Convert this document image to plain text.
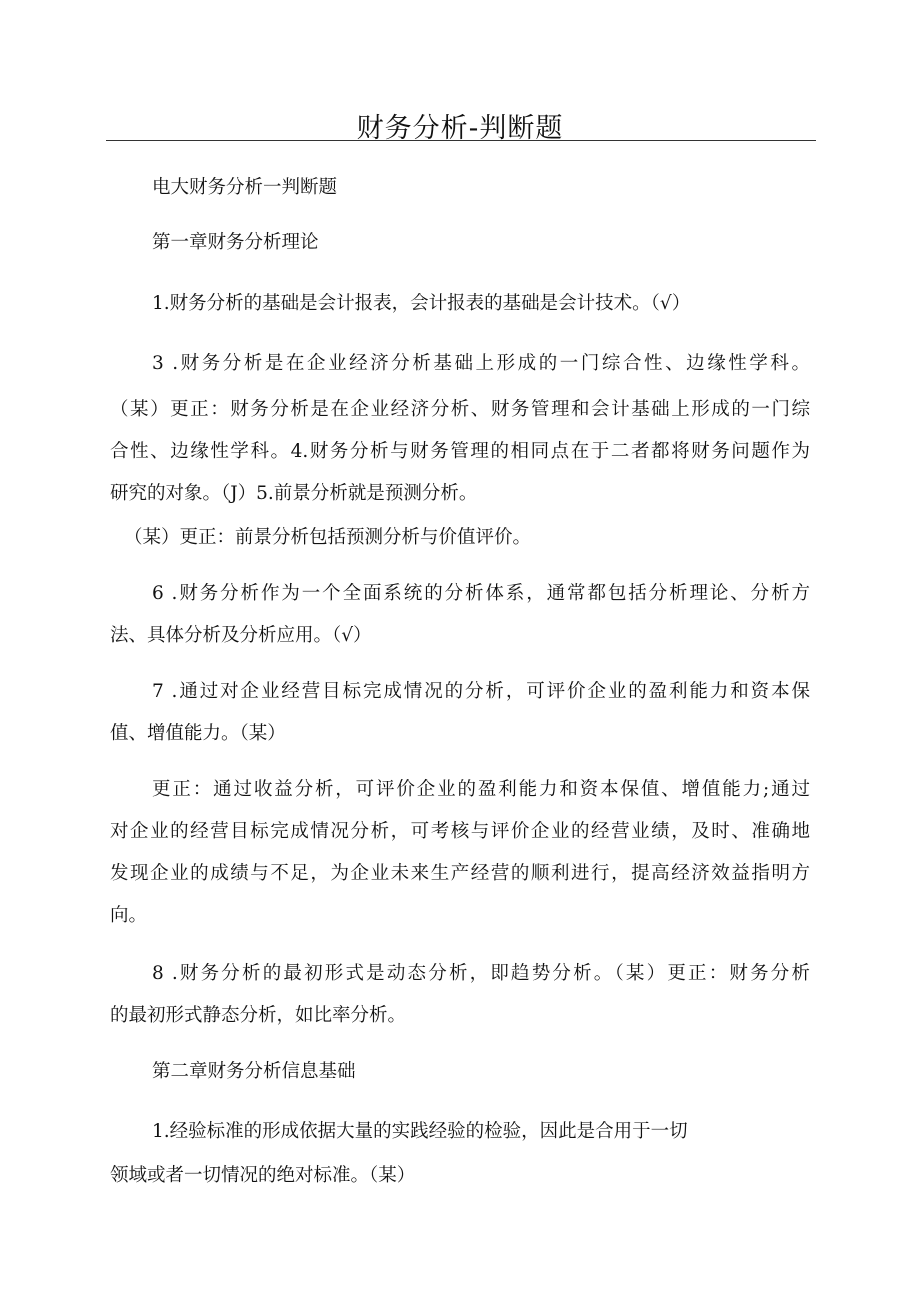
财务分析-判断题

电大财务分析一判断题

第一章财务分析理论

1.财务分析的基础是会计报表，会计报表的基础是会计技术。（√）

3 .财务分析是在企业经济分析基础上形成的一门综合性、边缘性学科。

（某）更正：财务分析是在企业经济分析、财务管理和会计基础上形成的一门综

合性、边缘性学科。4.财务分析与财务管理的相同点在于二者都将财务问题作为

研究的对象。（J）5.前景分析就是预测分析。

（某）更正：前景分析包括预测分析与价值评价。

6 .财务分析作为一个全面系统的分析体系，通常都包括分析理论、分析方

法、具体分析及分析应用。（√）

7 .通过对企业经营目标完成情况的分析，可评价企业的盈利能力和资本保

值、增值能力。（某）

更正：通过收益分析，可评价企业的盈利能力和资本保值、增值能力;通过

对企业的经营目标完成情况分析，可考核与评价企业的经营业绩，及时、准确地

发现企业的成绩与不足，为企业未来生产经营的顺利进行，提高经济效益指明方

向。

8 .财务分析的最初形式是动态分析，即趋势分析。（某）更正：财务分析

的最初形式静态分析，如比率分析。

第二章财务分析信息基础

1.经验标准的形成依据大量的实践经验的检验，因此是合用于一切

领域或者一切情况的绝对标准。（某）
